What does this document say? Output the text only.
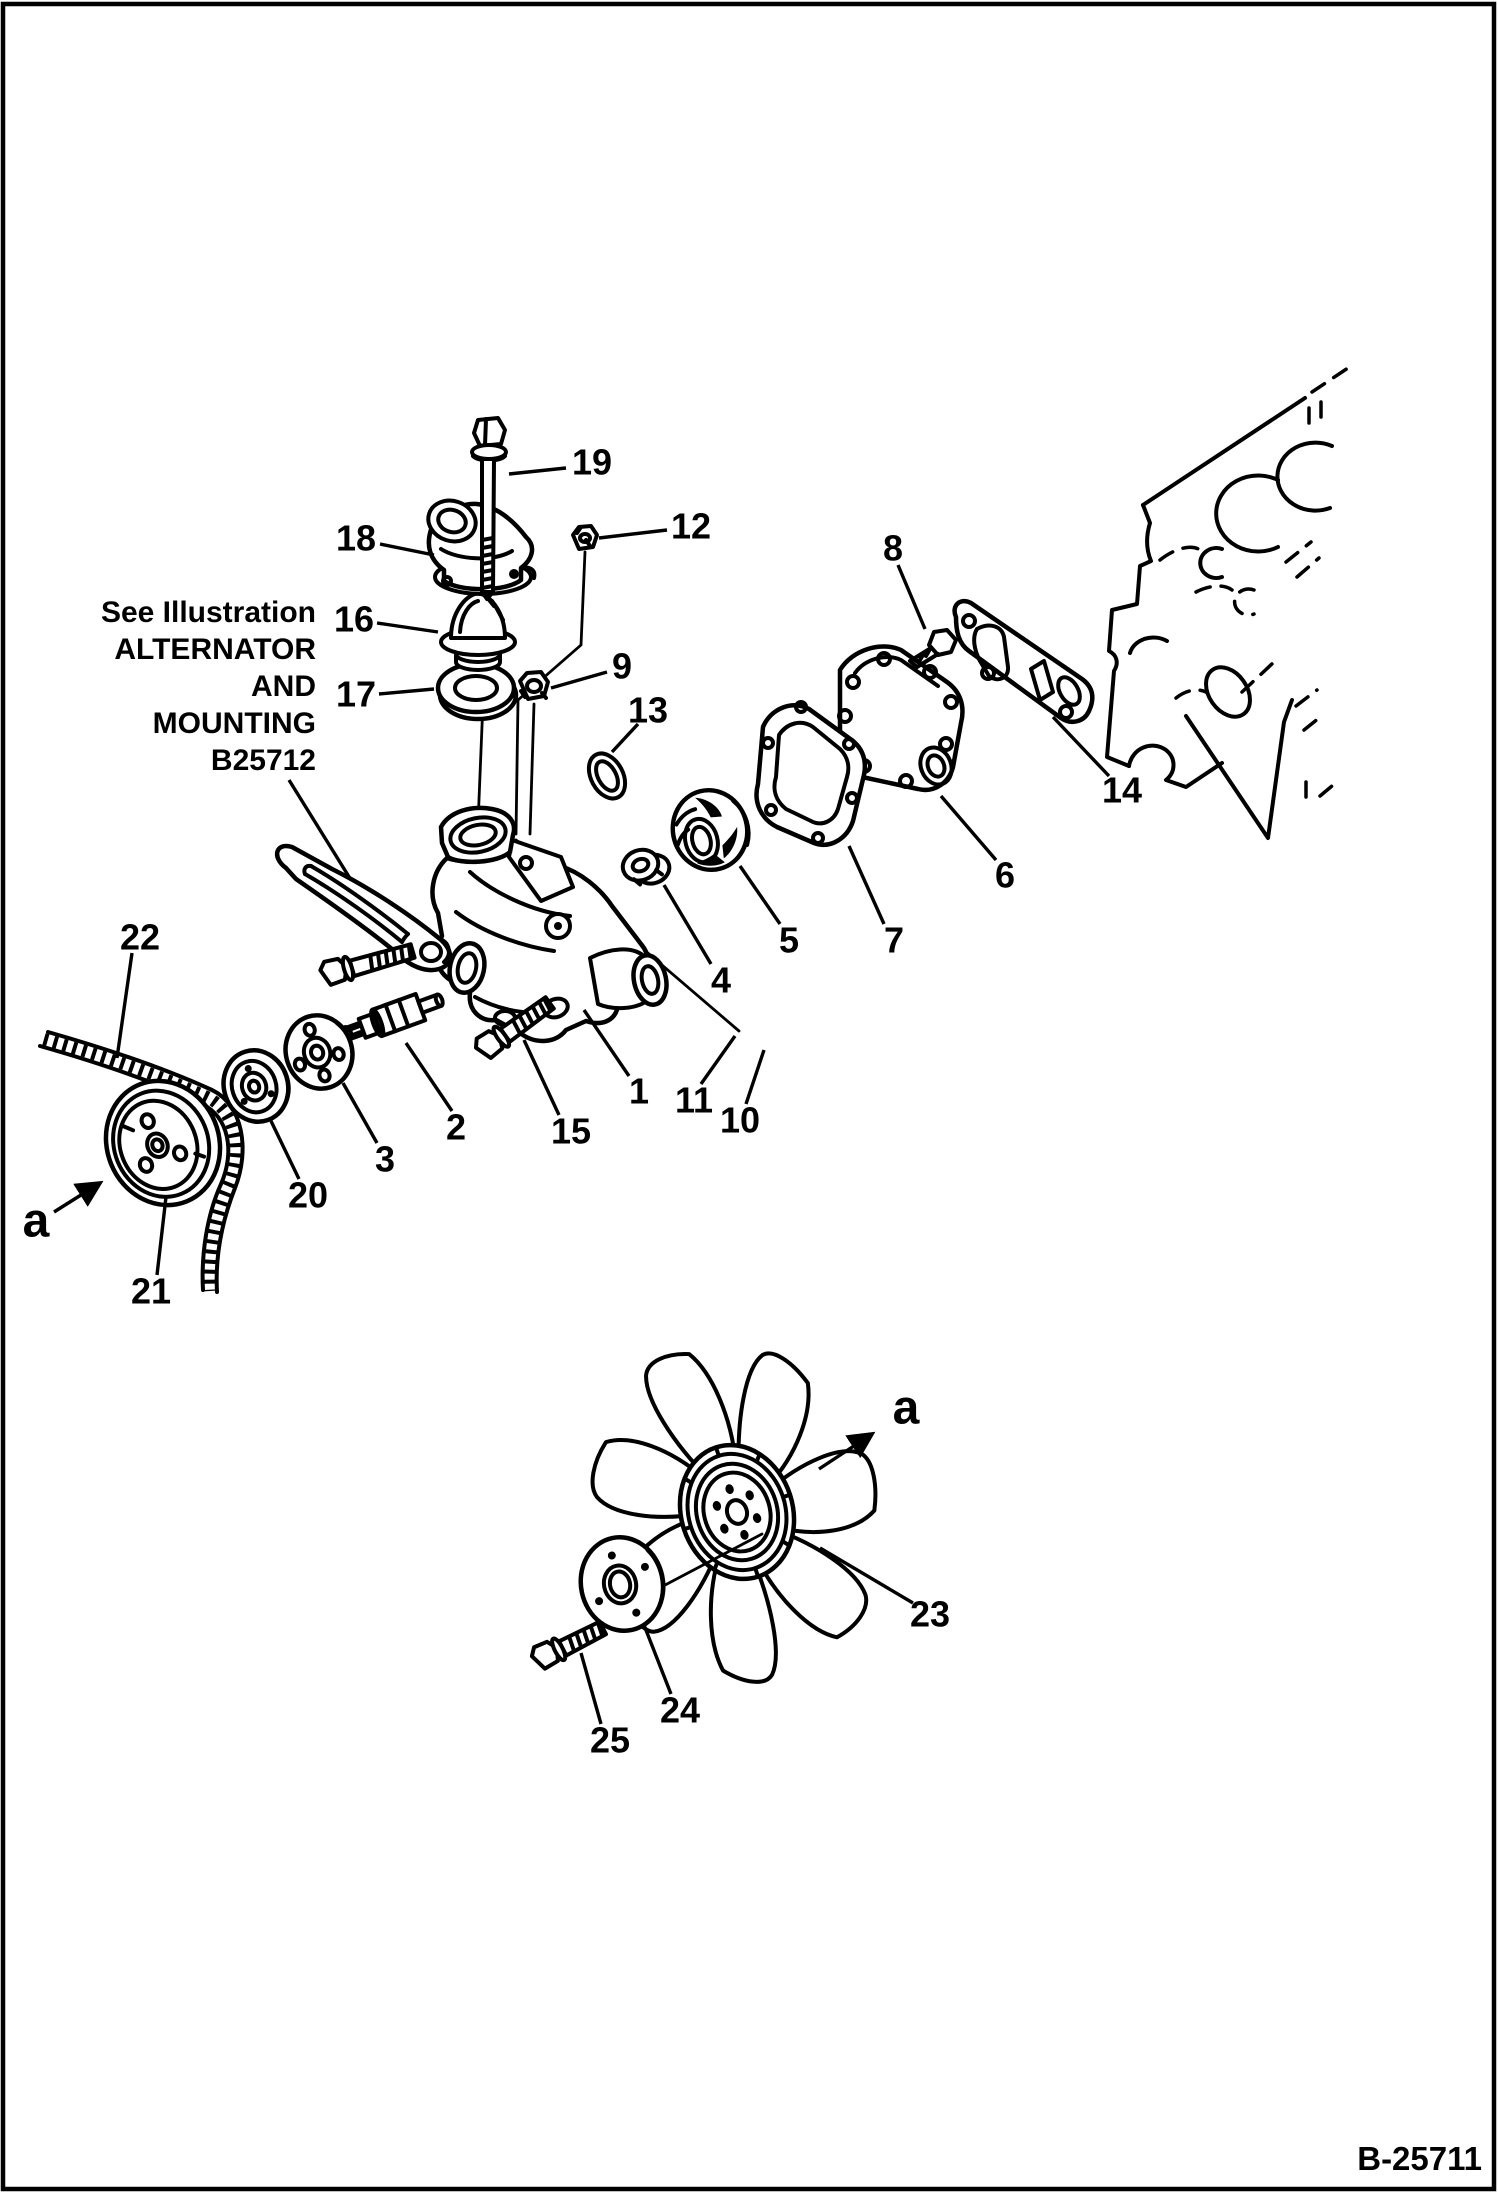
19
18	12
16
9
17	13
8
14
6
7
5
4
1 11 10
2 15
3
20
22
21
23
24
25
a
a
See Illustration
ALTERNATOR
AND
MOUNTING
B25712
B-25711
